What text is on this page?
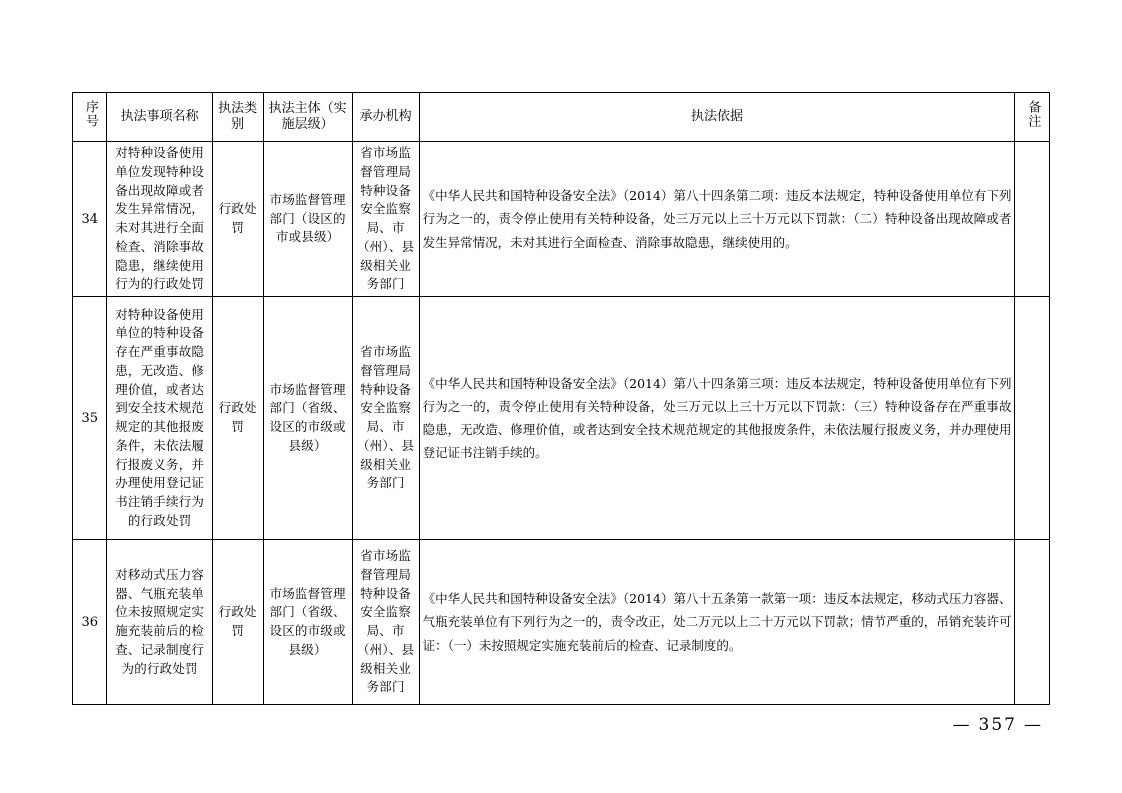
序号	执法事项名称	执法类别	执法主体（实施层级）	承办机构	执法依据	备注
34	对特种设备使用单位发现特种设备出现故障或者发生异常情况，未对其进行全面检查、消除事故隐患，继续使用行为的行政处罚	行政处罚	市场监督管理部门（设区的市或县级）	省市场监督管理局特种设备安全监察局、市（州）、县级相关业务部门	《中华人民共和国特种设备安全法》（2014）第八十四条第二项：违反本法规定，特种设备使用单位有下列行为之一的，责令停止使用有关特种设备，处三万元以上三十万元以下罚款：（二）特种设备出现故障或者发生异常情况，未对其进行全面检查、消除事故隐患，继续使用的。	
35	对特种设备使用单位的特种设备存在严重事故隐患，无改造、修理价值，或者达到安全技术规范规定的其他报废条件，未依法履行报废义务，并办理使用登记证书注销手续行为的行政处罚	行政处罚	市场监督管理部门（省级、设区的市级或县级）	省市场监督管理局特种设备安全监察局、市（州）、县级相关业务部门	《中华人民共和国特种设备安全法》（2014）第八十四条第三项：违反本法规定，特种设备使用单位有下列行为之一的，责令停止使用有关特种设备，处三万元以上三十万元以下罚款：（三）特种设备存在严重事故隐患，无改造、修理价值，或者达到安全技术规范规定的其他报废条件，未依法履行报废义务，并办理使用登记证书注销手续的。	
36	对移动式压力容器、气瓶充装单位未按照规定实施充装前后的检查、记录制度行为的行政处罚	行政处罚	市场监督管理部门（省级、设区的市级或县级）	省市场监督管理局特种设备安全监察局、市（州）、县级相关业务部门	《中华人民共和国特种设备安全法》（2014）第八十五条第一款第一项：违反本法规定，移动式压力容器、气瓶充装单位有下列行为之一的，责令改正，处二万元以上二十万元以下罚款；情节严重的，吊销充装许可证：（一）未按照规定实施充装前后的检查、记录制度的。	
— 357 —
